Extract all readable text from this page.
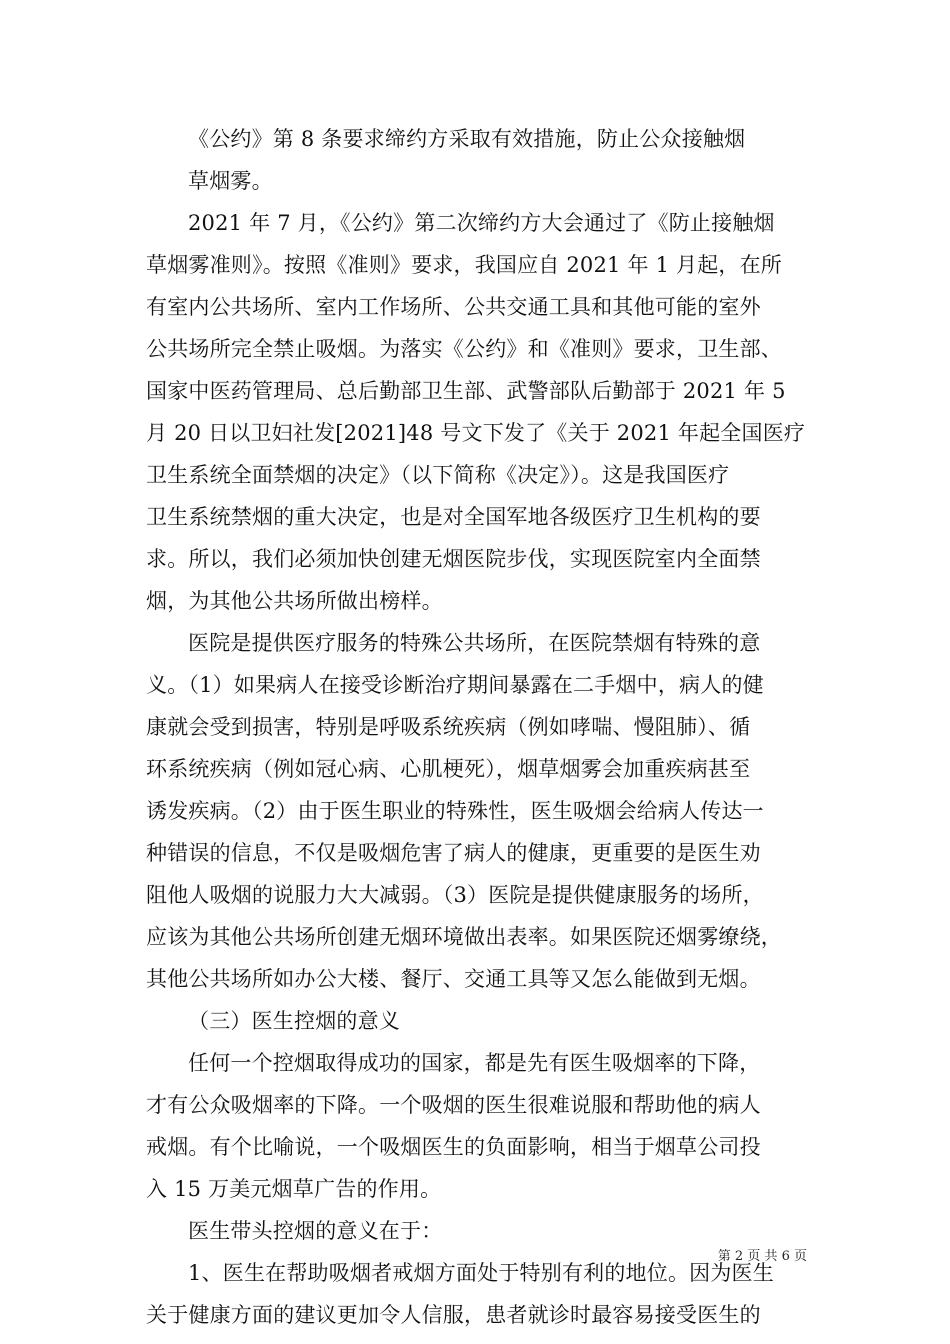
《公约》第 8 条要求缔约方采取有效措施，防止公众接触烟
草烟雾。
2021 年 7 月，《公约》第二次缔约方大会通过了《防止接触烟
草烟雾准则》。按照《准则》要求，我国应自 2021 年 1 月起，在所
有室内公共场所、室内工作场所、公共交通工具和其他可能的室外
公共场所完全禁止吸烟。为落实《公约》和《准则》要求，卫生部、
国家中医药管理局、总后勤部卫生部、武警部队后勤部于 2021 年 5
月 20 日以卫妇社发[2021]48 号文下发了《关于 2021 年起全国医疗
卫生系统全面禁烟的决定》（以下简称《决定》）。这是我国医疗
卫生系统禁烟的重大决定，也是对全国军地各级医疗卫生机构的要
求。所以，我们必须加快创建无烟医院步伐，实现医院室内全面禁
烟，为其他公共场所做出榜样。
医院是提供医疗服务的特殊公共场所，在医院禁烟有特殊的意
义。（1）如果病人在接受诊断治疗期间暴露在二手烟中，病人的健
康就会受到损害，特别是呼吸系统疾病（例如哮喘、慢阻肺）、循
环系统疾病（例如冠心病、心肌梗死），烟草烟雾会加重疾病甚至
诱发疾病。（2）由于医生职业的特殊性，医生吸烟会给病人传达一
种错误的信息，不仅是吸烟危害了病人的健康，更重要的是医生劝
阻他人吸烟的说服力大大减弱。（3）医院是提供健康服务的场所，
应该为其他公共场所创建无烟环境做出表率。如果医院还烟雾缭绕，
其他公共场所如办公大楼、餐厅、交通工具等又怎么能做到无烟。
（三）医生控烟的意义
任何一个控烟取得成功的国家，都是先有医生吸烟率的下降，
才有公众吸烟率的下降。一个吸烟的医生很难说服和帮助他的病人
戒烟。有个比喻说，一个吸烟医生的负面影响，相当于烟草公司投
入 15 万美元烟草广告的作用。
医生带头控烟的意义在于：
1、医生在帮助吸烟者戒烟方面处于特别有利的地位。因为医生
关于健康方面的建议更加令人信服，患者就诊时最容易接受医生的
第 2 页 共 6 页
